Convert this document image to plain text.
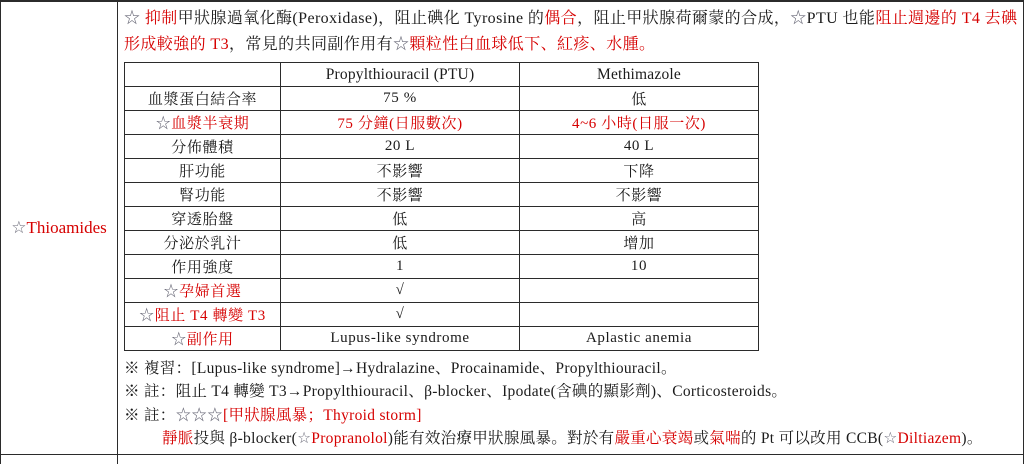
☆ Thioamides
☆ 抑制甲狀腺過氧化酶(Peroxidase)，阻止碘化 Tyrosine 的偶合，阻止甲狀腺荷爾蒙的合成，☆PTU 也能阻止週邊的 T4 去碘
形成較強的 T3，常見的共同副作用有☆顆粒性白血球低下、紅疹、水腫。
	Propylthiouracil (PTU)	Methimazole
血漿蛋白結合率	75 %	低
☆血漿半衰期	75 分鐘(日服數次)	4~6 小時(日服一次)
分佈體積	20 L	40 L
肝功能	不影響	下降
腎功能	不影響	不影響
穿透胎盤	低	高
分泌於乳汁	低	增加
作用強度	1	10
☆孕婦首選	√	
☆阻止 T4 轉變 T3	√	
☆副作用	Lupus-like syndrome	Aplastic anemia
※ 複習：[Lupus-like syndrome]→Hydralazine、Procainamide、Propylthiouracil。
※ 註：阻止 T4 轉變 T3→Propylthiouracil、β-blocker、Ipodate(含碘的顯影劑)、Corticosteroids。
※ 註：☆☆☆[甲狀腺風暴；Thyroid storm]
靜脈投與 β-blocker(☆Propranolol)能有效治療甲狀腺風暴。對於有嚴重心衰竭或氣喘的 Pt 可以改用 CCB(☆Diltiazem)。
